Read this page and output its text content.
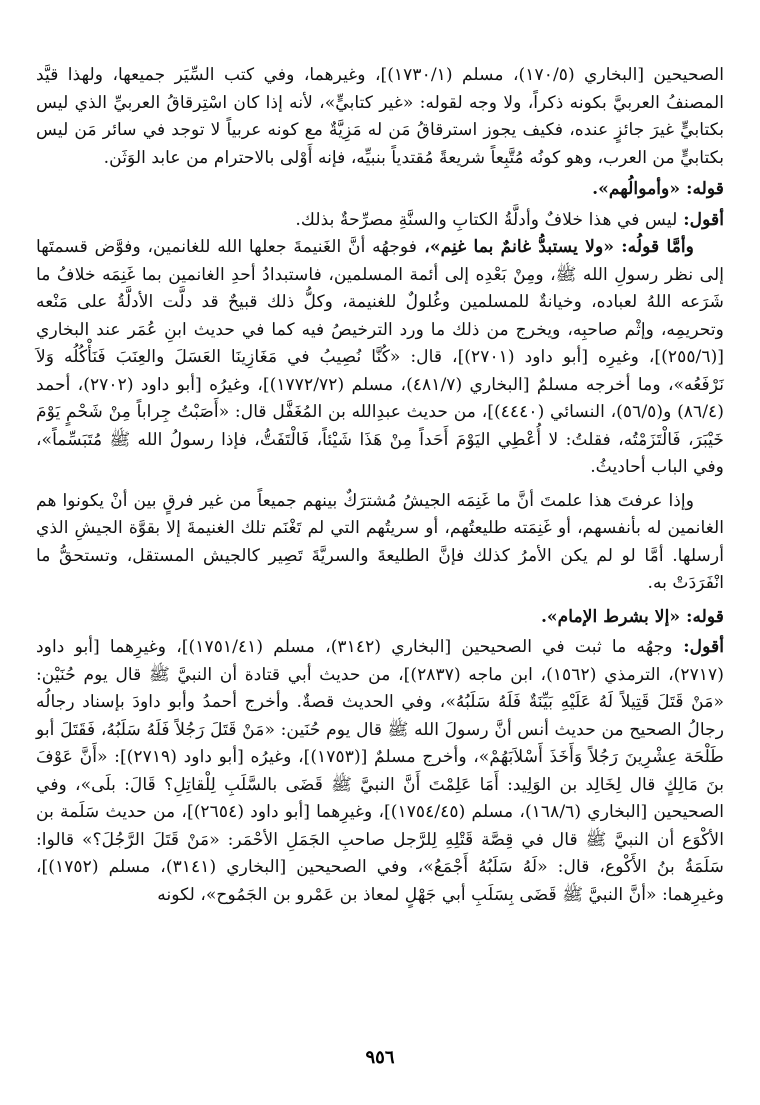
الصحيحين [البخاري (١٧٠/٥)، مسلم (١٧٣٠/١)]، وغيرهما، وفي كتب السِّيَر جميعها، ولهذا قيَّد المصنفُ العربيَّ بكونه ذكراً، ولا وجه لقوله: «غير كتابيٍّ»، لأنه إذا كان اسْتِرقاقُ العربيِّ الذي ليس بكتابيٍّ غيرَ جائزٍ عنده، فكيف يجوز استرقاقُ مَن له مَزِيَّةٌ مع كونه عربياً لا توجد في سائر مَن ليس بكتابيٍّ من العرب، وهو كونُه مُتَّبِعاً شريعةً مُقتدياً بنبيِّه، فإنه أَوْلى بالاحترام من عابد الوَثَن.

قوله: «وأموالُهم».

أقول: ليس في هذا خلافٌ وأدلَّةُ الكتابِ والسنَّةِ مصرِّحةٌ بذلك.

وأمَّا قولُه: «ولا يستبدُّ غانمٌ بما غنِم»، فوجهُه أنَّ الغَنيمةَ جعلها الله للغانمين، وفوَّض قسمتَها إلى نظر رسولِ الله ﷺ، ومِنْ بَعْدِه إلى أئمة المسلمين، فاستبدادُ أحدِ الغانمين بما غَنِمَه خلافُ ما شَرَعه اللهُ لعباده، وخيانةٌ للمسلمين وغُلولٌ للغنيمة، وكلُّ ذلك قبيحٌ قد دلَّت الأدلَّةُ على مَنْعه وتحريمِه، وإثْم صاحبِه، ويخرج من ذلك ما ورد الترخيصُ فيه كما في حديث ابنِ عُمَر عند البخاري [(٢٥٥/٦)]، وغيرِه [أبو داود (٢٧٠١)]، قال: «كُنَّا نُصِيبُ في مَغَازِينَا العَسَلَ والعِنَبَ فَنَأْكُلُه وَلاَ نَرْفَعُه»، وما أخرجه مسلمٌ [البخاري (٤٨١/٧)، مسلم (١٧٧٢/٧٢)]، وغيرُه [أبو داود (٢٧٠٢)، أحمد (٨٦/٤) و(٥٦/٥)، النسائي (٤٤٤٠)]، من حديث عبدِالله بن المُغَفَّل قال: «أَصَبْتُ جِراباً مِنْ شَحْمٍ يَوْمَ خَيْبَرَ، فَالْتَزَمْتُه، فقلتُ: لا أُعْطِي اليَوْمَ أَحَداً مِنْ هَذَا شَيْئاً، فَالْتَفَتُّ، فإذا رسولُ الله ﷺ مُتَبَسِّماً»، وفي الباب أحاديثُ.

وإذا عرفتَ هذا علمتَ أنَّ ما غَنِمَه الجيشُ مُشترَكٌ بينهم جميعاً من غير فرقٍ بين أنْ يكونوا هم الغانمين له بأنفسهم، أو غَنِمَته طليعتُهم، أو سريتُهم التي لم تَغْنَم تلك الغنيمةَ إلا بقوَّة الجيشِ الذي أرسلها. أمَّا لو لم يكن الأمرُ كذلك فإنَّ الطليعةَ والسريَّةَ تَصِير كالجيش المستقل، وتستحقُّ ما انْفَرَدَتْ به.

قوله: «إلا بشرط الإمام».

أقول: وجهُه ما ثبت في الصحيحين [البخاري (٣١٤٢)، مسلم (١٧٥١/٤١)]، وغيرِهما [أبو داود (٢٧١٧)، الترمذي (١٥٦٢)، ابن ماجه (٢٨٣٧)]، من حديث أبي قتادة أن النبيَّ ﷺ قال يوم حُنَيْن: «مَنْ قَتَلَ قَتِيلاً لَهُ عَلَيْهِ بَيِّنَةٌ فَلَهُ سَلَبُهُ»، وفي الحديث قصةٌ. وأخرج أحمدُ وأبو داودَ بإسناد رجالُه رجالُ الصحيح من حديث أنس أنَّ رسولَ الله ﷺ قال يوم حُنَين: «مَنْ قَتَلَ رَجُلاً فَلَهُ سَلَبُهُ، فَقَتَلَ أبو طَلْحَة عِشْرِينَ رَجُلاً وَأَخَذَ أَسْلاَبَهُمْ»، وأخرج مسلمٌ [(١٧٥٣)]، وغيرُه [أبو داود (٢٧١٩)]: «أَنَّ عَوْفَ بنَ مَالِكٍ قال لِخَالِد بن الوَلِيد: أَمَا عَلِمْتَ أَنَّ النبيَّ ﷺ قَضَى بالسَّلَبِ لِلْقاتِلِ؟ قَالَ: بلَى»، وفي الصحيحين [البخاري (١٦٨/٦)، مسلم (١٧٥٤/٤٥)]، وغيرِهما [أبو داود (٢٦٥٤)]، من حديث سَلَمة بن الأكْوَع أن النبيَّ ﷺ قال في قِصَّة قَتْلِهِ لِلرَّجل صاحبِ الجَمَلِ الأحْمَر: «مَنْ قَتَلَ الرَّجُلَ؟» قالوا: سَلَمَةُ بنُ الأَكْوع، قال: «لَهُ سَلَبُهُ أَجْمَعُ»، وفي الصحيحين [البخاري (٣١٤١)، مسلم (١٧٥٢)]، وغيرِهما: «أنَّ النبيَّ ﷺ قَضَى بِسَلَبِ أبي جَهْلٍ لمعاذ بن عَمْرو بن الجَمُوح»، لكونه

٩٥٦
